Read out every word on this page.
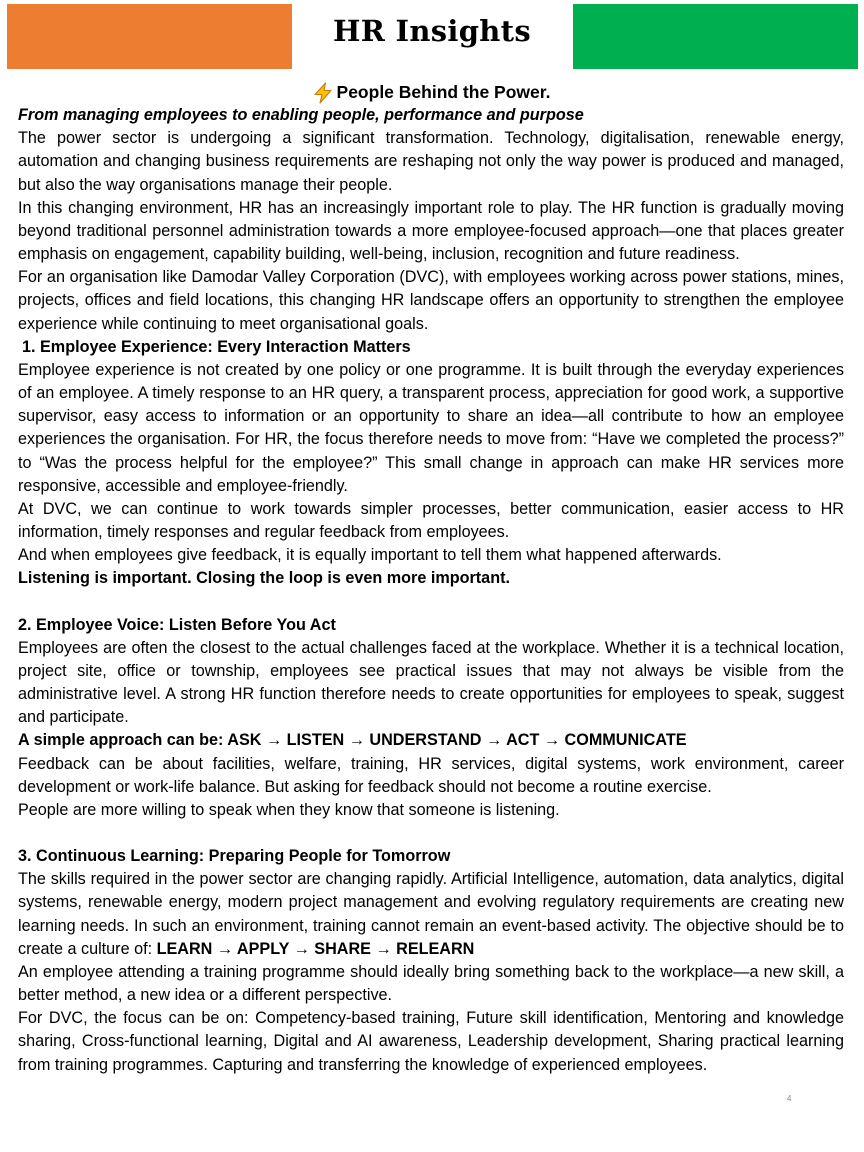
HR Insights
People Behind the Power.

From managing employees to enabling people, performance and purpose

The power sector is undergoing a significant transformation. Technology, digitalisation, renewable energy, automation and changing business requirements are reshaping not only the way power is produced and managed, but also the way organisations manage their people.

In this changing environment, HR has an increasingly important role to play. The HR function is gradually moving beyond traditional personnel administration towards a more employee-focused approach—one that places greater emphasis on engagement, capability building, well-being, inclusion, recognition and future readiness.

For an organisation like Damodar Valley Corporation (DVC), with employees working across power stations, mines, projects, offices and field locations, this changing HR landscape offers an opportunity to strengthen the employee experience while continuing to meet organisational goals.

1. Employee Experience: Every Interaction Matters

Employee experience is not created by one policy or one programme. It is built through the everyday experiences of an employee. A timely response to an HR query, a transparent process, appreciation for good work, a supportive supervisor, easy access to information or an opportunity to share an idea—all contribute to how an employee experiences the organisation. For HR, the focus therefore needs to move from: “Have we completed the process?” to “Was the process helpful for the employee?” This small change in approach can make HR services more responsive, accessible and employee-friendly.

At DVC, we can continue to work towards simpler processes, better communication, easier access to HR information, timely responses and regular feedback from employees.

And when employees give feedback, it is equally important to tell them what happened afterwards.

Listening is important. Closing the loop is even more important.

2. Employee Voice: Listen Before You Act

Employees are often the closest to the actual challenges faced at the workplace. Whether it is a technical location, project site, office or township, employees see practical issues that may not always be visible from the administrative level. A strong HR function therefore needs to create opportunities for employees to speak, suggest and participate.

A simple approach can be: ASK → LISTEN → UNDERSTAND → ACT → COMMUNICATE

Feedback can be about facilities, welfare, training, HR services, digital systems, work environment, career development or work-life balance. But asking for feedback should not become a routine exercise.

People are more willing to speak when they know that someone is listening.

3. Continuous Learning: Preparing People for Tomorrow

The skills required in the power sector are changing rapidly. Artificial Intelligence, automation, data analytics, digital systems, renewable energy, modern project management and evolving regulatory requirements are creating new learning needs. In such an environment, training cannot remain an event-based activity. The objective should be to create a culture of: LEARN → APPLY → SHARE → RELEARN

An employee attending a training programme should ideally bring something back to the workplace—a new skill, a better method, a new idea or a different perspective.

For DVC, the focus can be on: Competency-based training, Future skill identification, Mentoring and knowledge sharing, Cross-functional learning, Digital and AI awareness, Leadership development, Sharing practical learning from training programmes. Capturing and transferring the knowledge of experienced employees.

4
